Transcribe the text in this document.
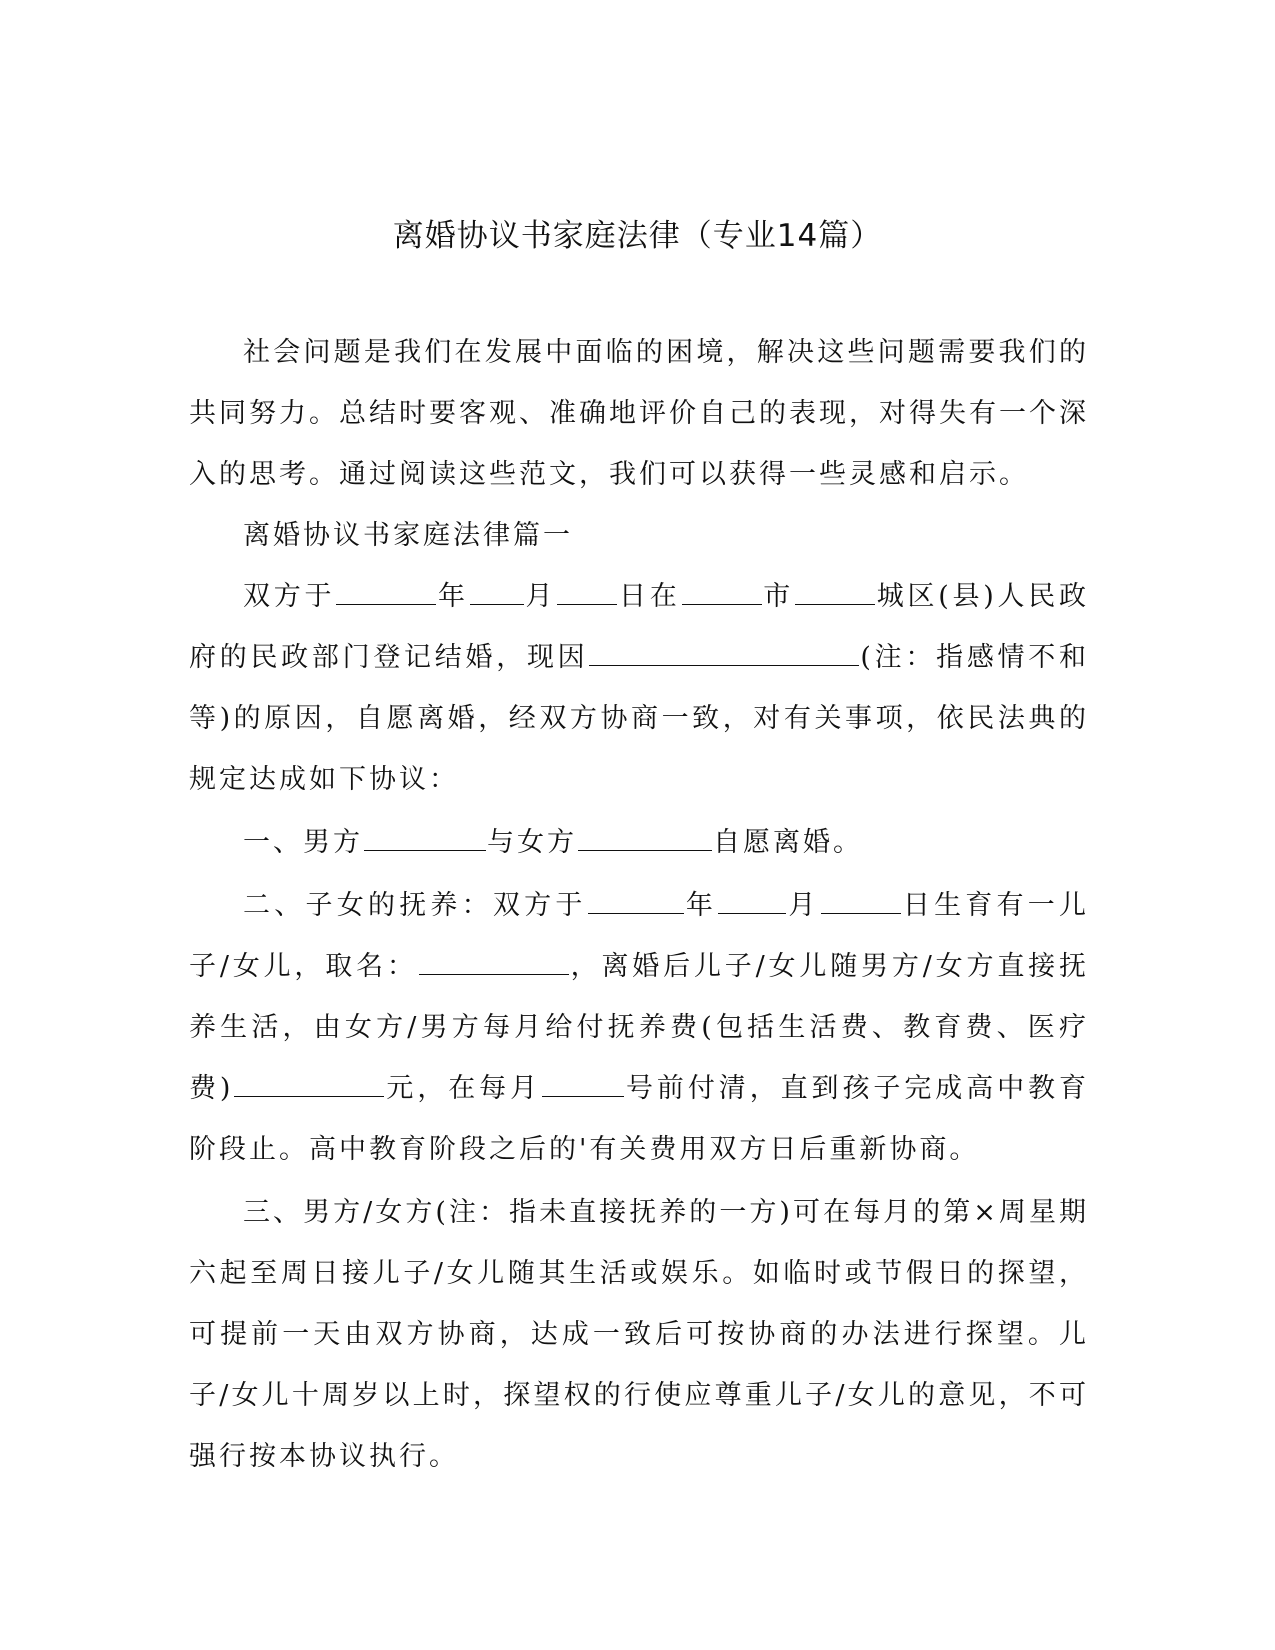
离婚协议书家庭法律（专业14篇）

社会问题是我们在发展中面临的困境，解决这些问题需要我们的共同努力。总结时要客观、准确地评价自己的表现，对得失有一个深入的思考。通过阅读这些范文，我们可以获得一些灵感和启示。

离婚协议书家庭法律篇一

双方于	年 月 日在	市	城区(县)人民政府的民政部门登记结婚，现因	(注：指感情不和等)的原因，自愿离婚，经双方协商一致，对有关事项，依民法典的规定达成如下协议：

一、男方	与女方	自愿离婚。

二、子女的抚养：双方于	年	月	日生育有一儿子/女儿，取名：	，离婚后儿子/女儿随男方/女方直接抚养生活，由女方/男方每月给付抚养费(包括生活费、教育费、医疗费)	元，在每月	号前付清，直到孩子完成高中教育阶段止。高中教育阶段之后的'有关费用双方日后重新协商。

三、男方/女方(注：指未直接抚养的一方)可在每月的第×周星期六起至周日接儿子/女儿随其生活或娱乐。如临时或节假日的探望，可提前一天由双方协商，达成一致后可按协商的办法进行探望。儿子/女儿十周岁以上时，探望权的行使应尊重儿子/女儿的意见，不可强行按本协议执行。
